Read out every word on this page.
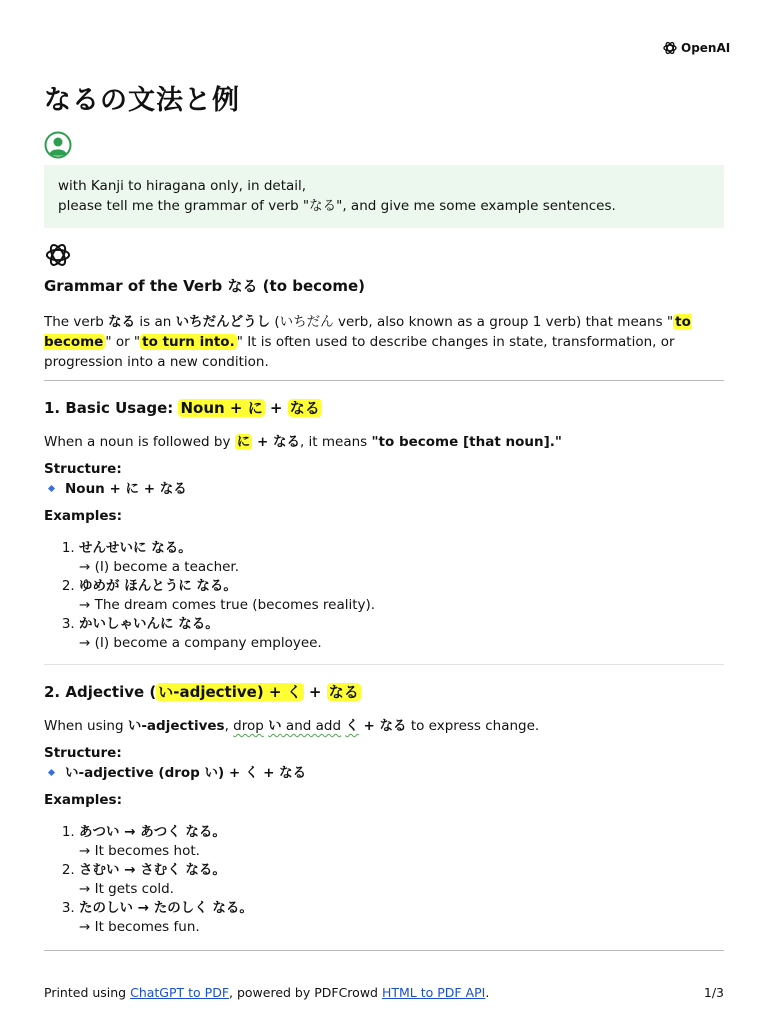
OpenAI
なるの文法と例
with Kanji to hiragana only, in detail,
please tell me the grammar of verb "なる", and give me some example sentences.
Grammar of the Verb なる (to become)

The verb なる is an いちだんどうし (いちだん verb, also known as a group 1 verb) that means " to become " or " to turn into. " It is often used to describe changes in state, transformation, or progression into a new condition.

1. Basic Usage: Noun + に + なる

When a noun is followed by に + なる, it means "to become [that noun]."

Structure:

Noun + に + なる

Examples:

1. せんせいに なる。
→ (I) become a teacher.
2. ゆめが ほんとうに なる。
→ The dream comes true (becomes reality).
3. かいしゃいんに なる。
→ (I) become a company employee.
2. Adjective ( い-adjective) + く + なる

When using い-adjectives, drop い and add く + なる to express change.

Structure:

い-adjective (drop い) + く + なる

Examples:

1. あつい → あつく なる。
→ It becomes hot.
2. さむい → さむく なる。
→ It gets cold.
3. たのしい → たのしく なる。
→ It becomes fun.
Printed using ChatGPT to PDF, powered by PDFCrowd HTML to PDF API.	1/3
